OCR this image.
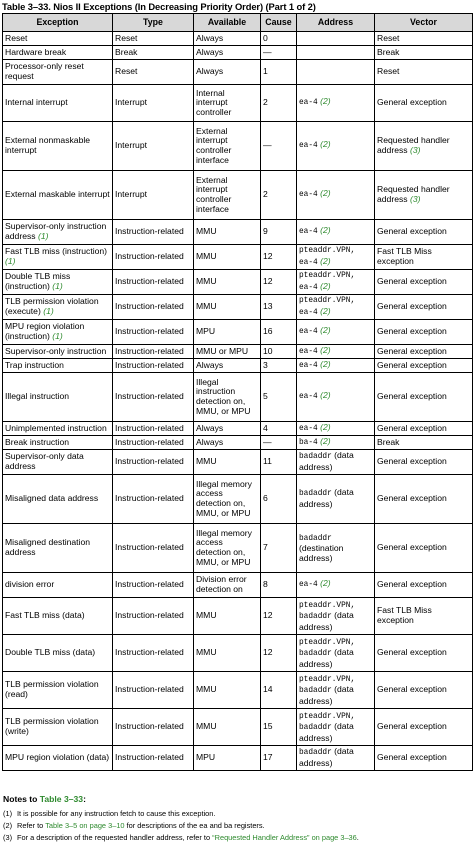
Table 3–33. Nios II Exceptions (In Decreasing Priority Order) (Part 1 of 2)
Exception	Type	Available	Cause	Address	Vector
Reset	Reset	Always	0		Reset
Hardware break	Break	Always	—		Break
Processor-only reset request	Reset	Always	1		Reset
Internal interrupt	Interrupt	Internal interrupt controller	2	ea-4 (2)	General exception
External nonmaskable interrupt	Interrupt	External interrupt controller interface	—	ea-4 (2)	Requested handler address (3)
External maskable interrupt	Interrupt	External interrupt controller interface	2	ea-4 (2)	Requested handler address (3)
Supervisor-only instruction address (1)	Instruction-related	MMU	9	ea-4 (2)	General exception
Fast TLB miss (instruction) (1)	Instruction-related	MMU	12	pteaddr.VPN, ea-4 (2)	Fast TLB Miss exception
Double TLB miss (instruction) (1)	Instruction-related	MMU	12	pteaddr.VPN, ea-4 (2)	General exception
TLB permission violation (execute) (1)	Instruction-related	MMU	13	pteaddr.VPN, ea-4 (2)	General exception
MPU region violation (instruction) (1)	Instruction-related	MPU	16	ea-4 (2)	General exception
Supervisor-only instruction	Instruction-related	MMU or MPU	10	ea-4 (2)	General exception
Trap instruction	Instruction-related	Always	3	ea-4 (2)	General exception
Illegal instruction	Instruction-related	Illegal instruction detection on, MMU, or MPU	5	ea-4 (2)	General exception
Unimplemented instruction	Instruction-related	Always	4	ea-4 (2)	General exception
Break instruction	Instruction-related	Always	—	ba-4 (2)	Break
Supervisor-only data address	Instruction-related	MMU	11	badaddr (data address)	General exception
Misaligned data address	Instruction-related	Illegal memory access detection on, MMU, or MPU	6	badaddr (data address)	General exception
Misaligned destination address	Instruction-related	Illegal memory access detection on, MMU, or MPU	7	badaddr (destination address)	General exception
division error	Instruction-related	Division error detection on	8	ea-4 (2)	General exception
Fast TLB miss (data)	Instruction-related	MMU	12	pteaddr.VPN, badaddr (data address)	Fast TLB Miss exception
Double TLB miss (data)	Instruction-related	MMU	12	pteaddr.VPN, badaddr (data address)	General exception
TLB permission violation (read)	Instruction-related	MMU	14	pteaddr.VPN, badaddr (data address)	General exception
TLB permission violation (write)	Instruction-related	MMU	15	pteaddr.VPN, badaddr (data address)	General exception
MPU region violation (data)	Instruction-related	MPU	17	badaddr (data address)	General exception
Notes to Table 3–33:
(1) It is possible for any instruction fetch to cause this exception.
(2) Refer to Table 3–5 on page 3–10 for descriptions of the ea and ba registers.
(3) For a description of the requested handler address, refer to “Requested Handler Address” on page 3–36.
